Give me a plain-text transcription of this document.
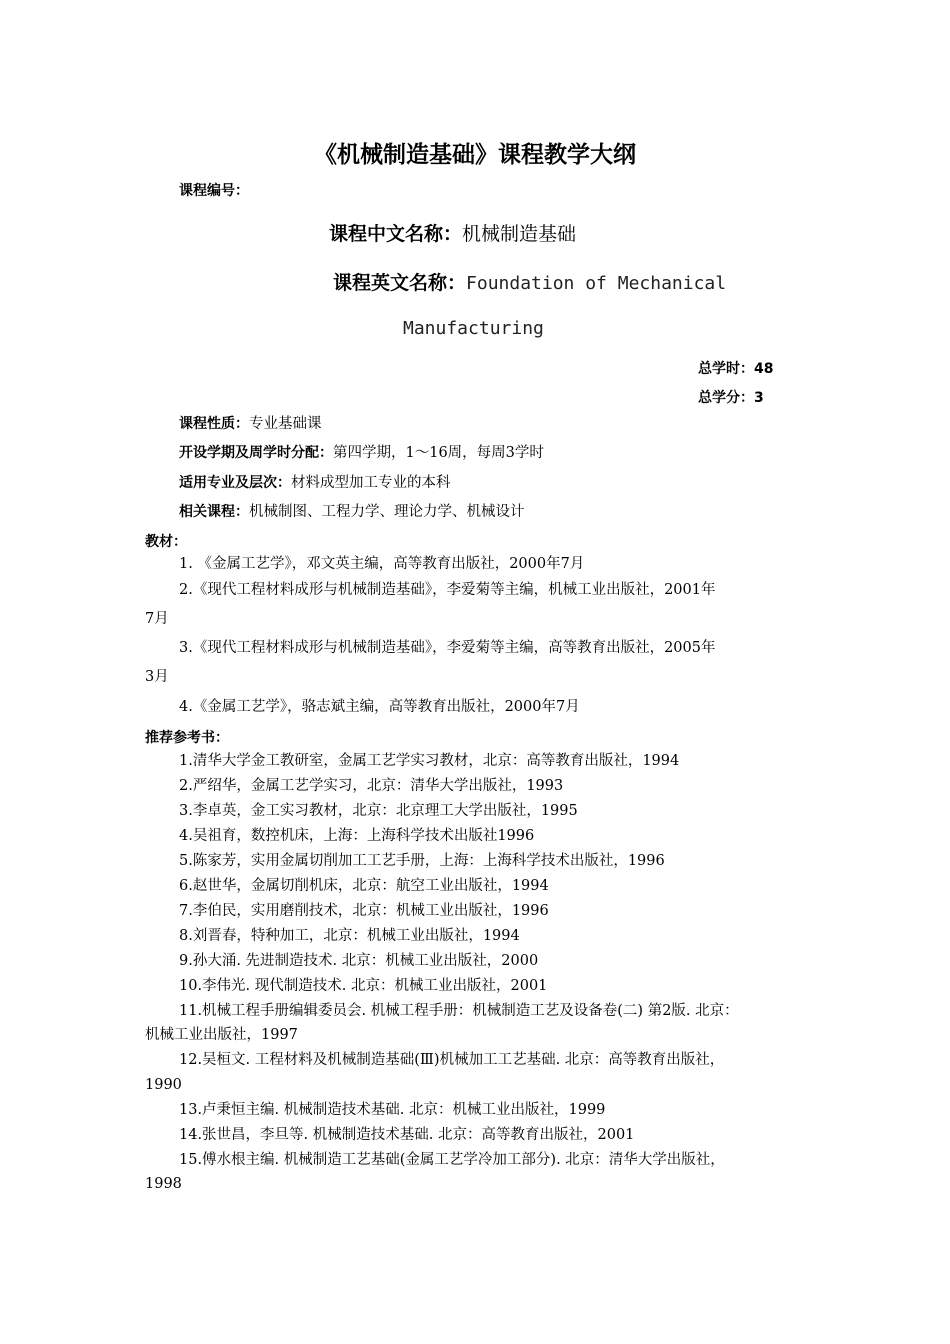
《机械制造基础》课程教学大纲
课程编号：
课程中文名称：机械制造基础
课程英文名称：Foundation of Mechanical
Manufacturing
总学时：48
总学分：3
课程性质：专业基础课
开设学期及周学时分配：第四学期，1～16周，每周3学时
适用专业及层次：材料成型加工专业的本科
相关课程：机械制图、工程力学、理论力学、机械设计
教材：
1. 《金属工艺学》，邓文英主编，高等教育出版社，2000年7月
2.《现代工程材料成形与机械制造基础》，李爱菊等主编，机械工业出版社，2001年
7月
3.《现代工程材料成形与机械制造基础》，李爱菊等主编，高等教育出版社，2005年
3月
4.《金属工艺学》，骆志斌主编，高等教育出版社，2000年7月
推荐参考书：
1.清华大学金工教研室，金属工艺学实习教材，北京：高等教育出版社，1994
2.严绍华，金属工艺学实习，北京：清华大学出版社，1993
3.李卓英，金工实习教材，北京：北京理工大学出版社，1995
4.吴祖育，数控机床，上海：上海科学技术出版社1996
5.陈家芳，实用金属切削加工工艺手册，上海：上海科学技术出版社，1996
6.赵世华，金属切削机床，北京：航空工业出版社，1994
7.李伯民，实用磨削技术，北京：机械工业出版社，1996
8.刘晋春，特种加工，北京：机械工业出版社，1994
9.孙大涌. 先进制造技术. 北京：机械工业出版社，2000
10.李伟光. 现代制造技术. 北京：机械工业出版社，2001
11.机械工程手册编辑委员会. 机械工程手册：机械制造工艺及设备卷(二) 第2版. 北京：
机械工业出版社，1997
12.吴桓文. 工程材料及机械制造基础(Ⅲ)机械加工工艺基础. 北京：高等教育出版社，
1990
13.卢秉恒主编. 机械制造技术基础. 北京：机械工业出版社，1999
14.张世昌，李旦等. 机械制造技术基础. 北京：高等教育出版社，2001
15.傅水根主编. 机械制造工艺基础(金属工艺学冷加工部分). 北京：清华大学出版社，
1998
